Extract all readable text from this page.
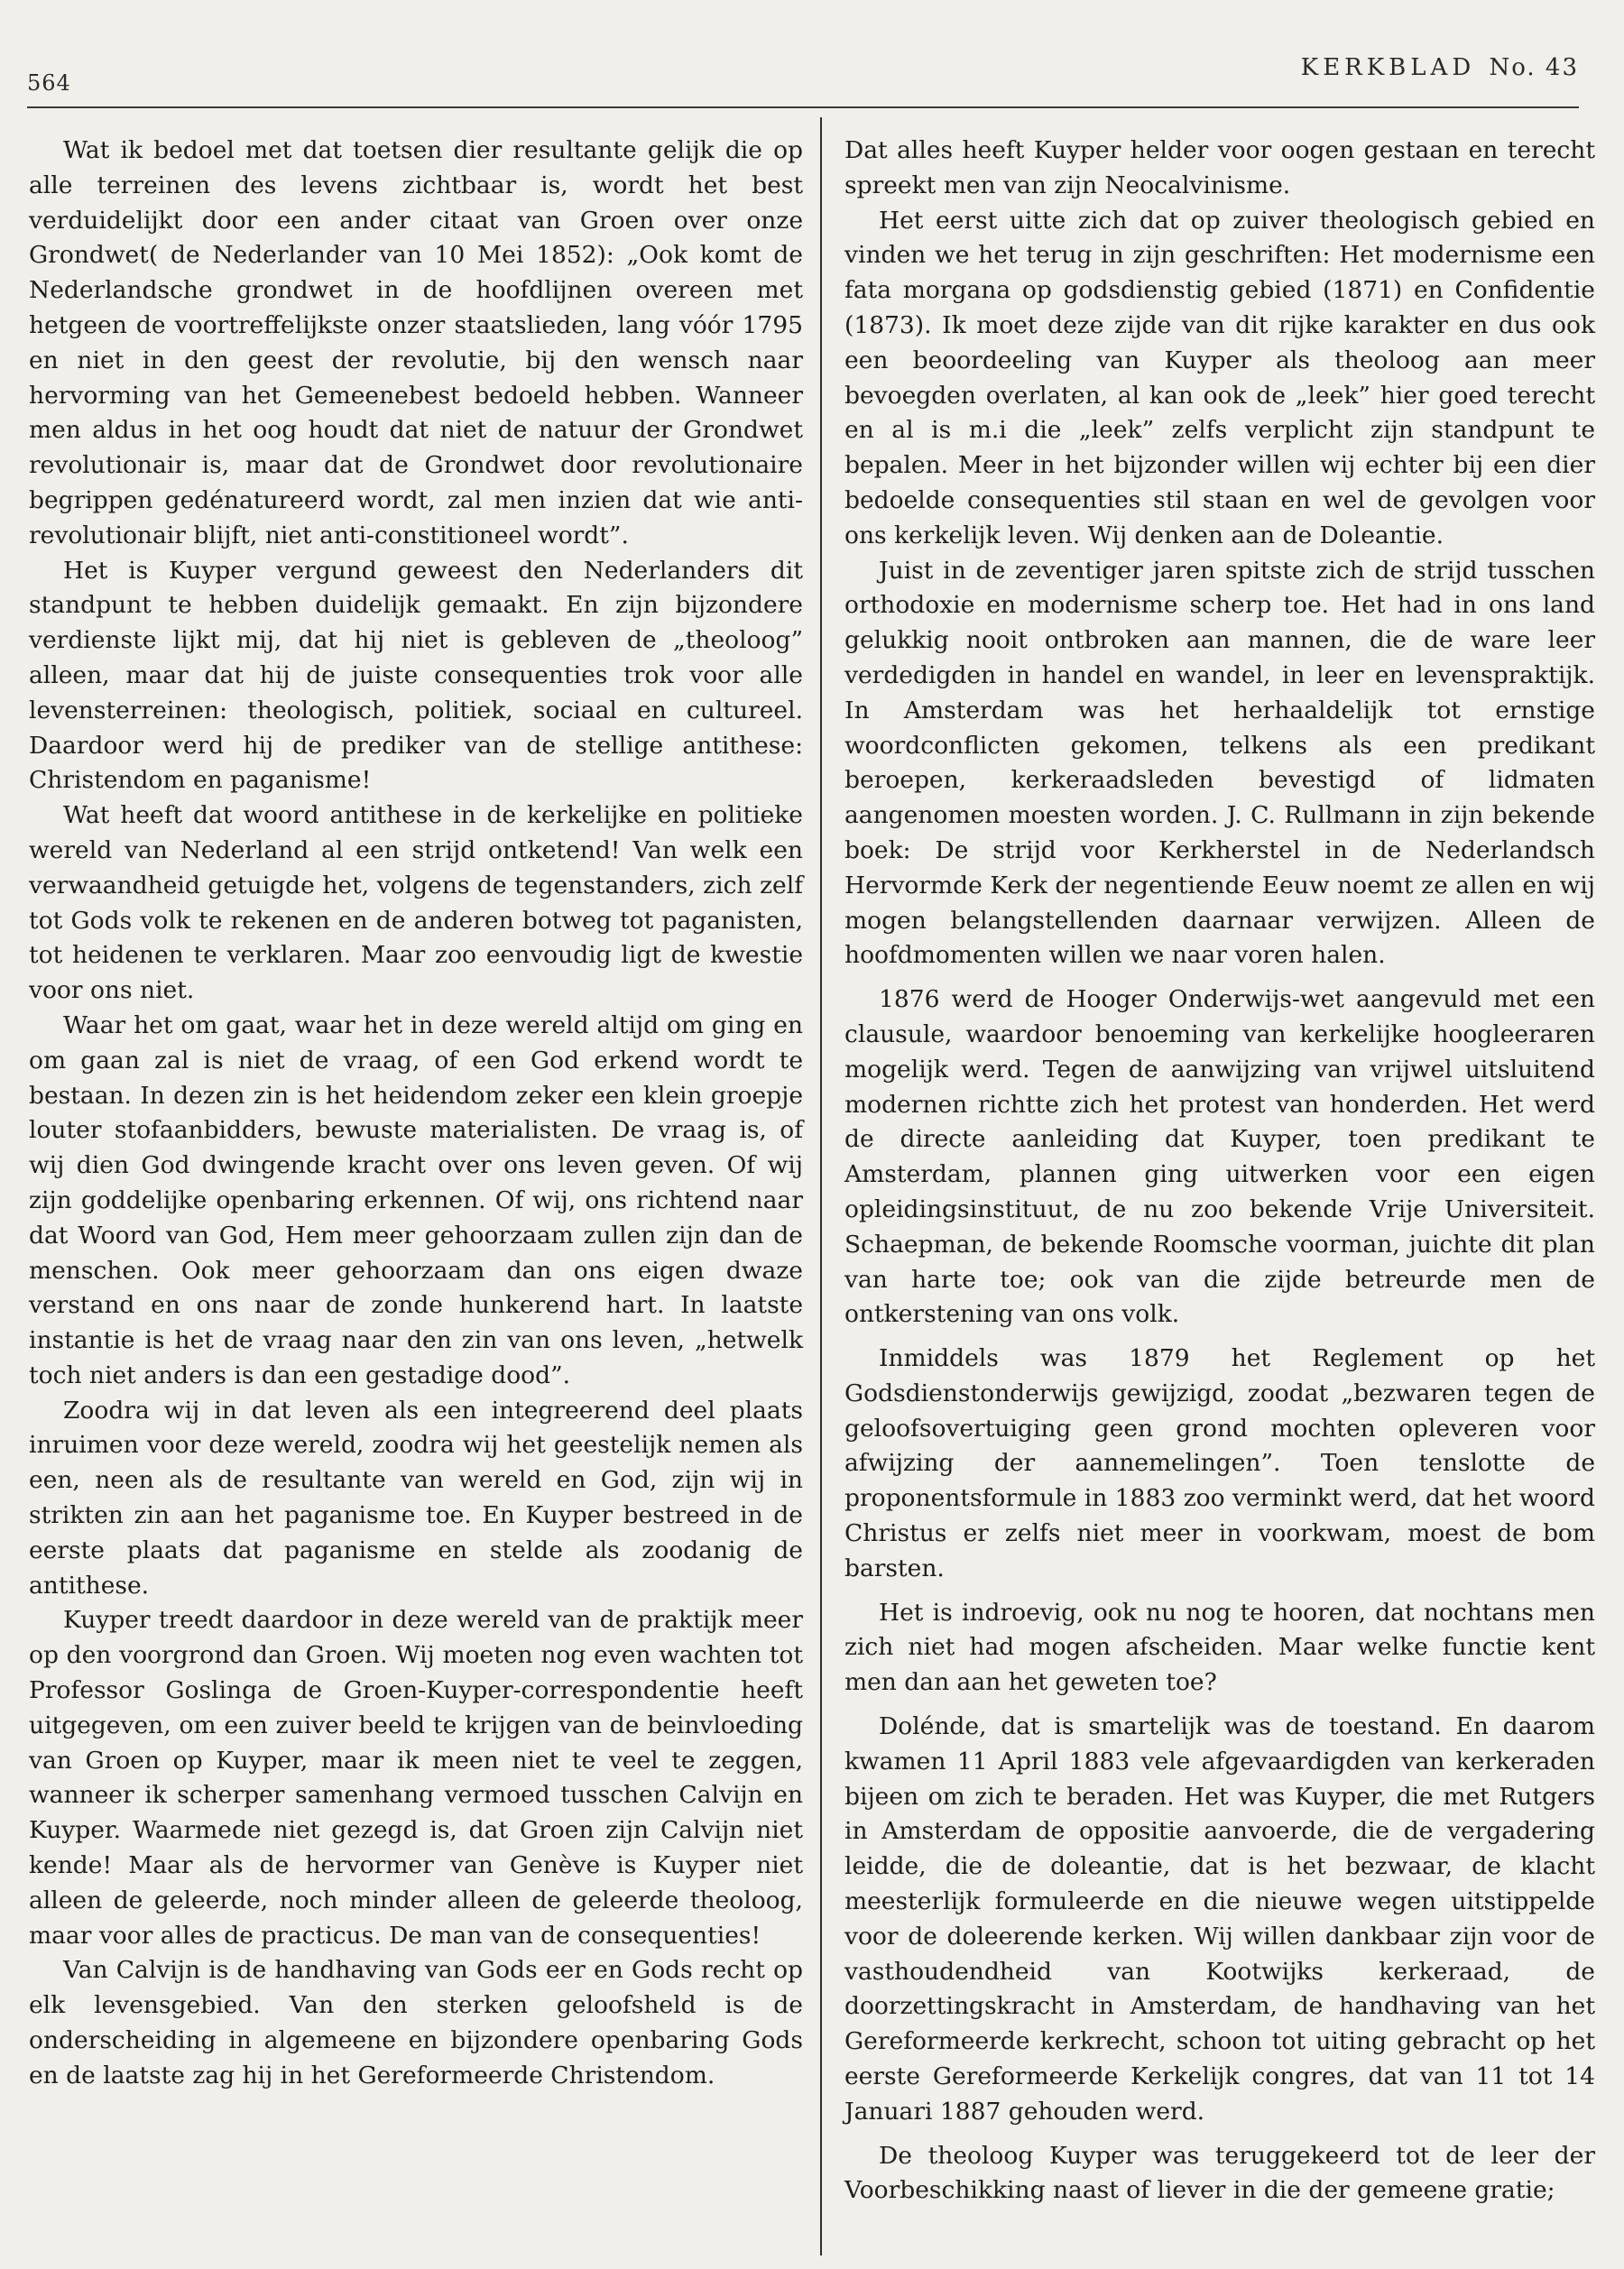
564
KERKBLAD No. 43

Wat ik bedoel met dat toetsen dier resultante gelijk die op alle terreinen des levens zichtbaar is, wordt het best verduidelijkt door een ander citaat van Groen over onze Grondwet( de Nederlander van 10 Mei 1852): „Ook komt de Nederlandsche grondwet in de hoofdlijnen overeen met hetgeen de voortreffelijkste onzer staatslieden, lang vóór 1795 en niet in den geest der revolutie, bij den wensch naar hervorming van het Gemeenebest bedoeld hebben. Wanneer men aldus in het oog houdt dat niet de natuur der Grondwet revolutionair is, maar dat de Grondwet door revolutionaire begrippen gedénatureerd wordt, zal men inzien dat wie anti-revolutionair blijft, niet anti-constitioneel wordt”.

Het is Kuyper vergund geweest den Nederlanders dit standpunt te hebben duidelijk gemaakt. En zijn bijzondere verdienste lijkt mij, dat hij niet is gebleven de „theoloog” alleen, maar dat hij de juiste consequenties trok voor alle levensterreinen: theologisch, politiek, sociaal en cultureel. Daardoor werd hij de prediker van de stellige antithese: Christendom en paganisme!

Wat heeft dat woord antithese in de kerkelijke en politieke wereld van Nederland al een strijd ontketend! Van welk een verwaandheid getuigde het, volgens de tegenstanders, zich zelf tot Gods volk te rekenen en de anderen botweg tot paganisten, tot heidenen te verklaren. Maar zoo eenvoudig ligt de kwestie voor ons niet.

Waar het om gaat, waar het in deze wereld altijd om ging en om gaan zal is niet de vraag, of een God erkend wordt te bestaan. In dezen zin is het heidendom zeker een klein groepje louter stofaanbidders, bewuste materialisten. De vraag is, of wij dien God dwingende kracht over ons leven geven. Of wij zijn goddelijke openbaring erkennen. Of wij, ons richtend naar dat Woord van God, Hem meer gehoorzaam zullen zijn dan de menschen. Ook meer gehoorzaam dan ons eigen dwaze verstand en ons naar de zonde hunkerend hart. In laatste instantie is het de vraag naar den zin van ons leven, „hetwelk toch niet anders is dan een gestadige dood”.

Zoodra wij in dat leven als een integreerend deel plaats inruimen voor deze wereld, zoodra wij het geestelijk nemen als een, neen als de resultante van wereld en God, zijn wij in strikten zin aan het paganisme toe. En Kuyper bestreed in de eerste plaats dat paganisme en stelde als zoodanig de antithese.

Kuyper treedt daardoor in deze wereld van de praktijk meer op den voorgrond dan Groen. Wij moeten nog even wachten tot Professor Goslinga de Groen-Kuyper-correspondentie heeft uitgegeven, om een zuiver beeld te krijgen van de beinvloeding van Groen op Kuyper, maar ik meen niet te veel te zeggen, wanneer ik scherper samenhang vermoed tusschen Calvijn en Kuyper. Waarmede niet gezegd is, dat Groen zijn Calvijn niet kende! Maar als de hervormer van Genève is Kuyper niet alleen de geleerde, noch minder alleen de geleerde theoloog, maar voor alles de practicus. De man van de consequenties!

Van Calvijn is de handhaving van Gods eer en Gods recht op elk levensgebied. Van den sterken geloofsheld is de onderscheiding in algemeene en bijzondere openbaring Gods en de laatste zag hij in het Gereformeerde Christendom.

Dat alles heeft Kuyper helder voor oogen gestaan en terecht spreekt men van zijn Neocalvinisme.

Het eerst uitte zich dat op zuiver theologisch gebied en vinden we het terug in zijn geschriften: Het modernisme een fata morgana op godsdienstig gebied (1871) en Confidentie (1873). Ik moet deze zijde van dit rijke karakter en dus ook een beoordeeling van Kuyper als theoloog aan meer bevoegden overlaten, al kan ook de „leek” hier goed terecht en al is m.i die „leek” zelfs verplicht zijn standpunt te bepalen. Meer in het bijzonder willen wij echter bij een dier bedoelde consequenties stil staan en wel de gevolgen voor ons kerkelijk leven. Wij denken aan de Doleantie.

Juist in de zeventiger jaren spitste zich de strijd tusschen orthodoxie en modernisme scherp toe. Het had in ons land gelukkig nooit ontbroken aan mannen, die de ware leer verdedigden in handel en wandel, in leer en levenspraktijk. In Amsterdam was het herhaaldelijk tot ernstige woordconflicten gekomen, telkens als een predikant beroepen, kerkeraadsleden bevestigd of lidmaten aangenomen moesten worden. J. C. Rullmann in zijn bekende boek: De strijd voor Kerkherstel in de Nederlandsch Hervormde Kerk der negentiende Eeuw noemt ze allen en wij mogen belangstellenden daarnaar verwijzen. Alleen de hoofdmomenten willen we naar voren halen.

1876 werd de Hooger Onderwijs-wet aangevuld met een clausule, waardoor benoeming van kerkelijke hoogleeraren mogelijk werd. Tegen de aanwijzing van vrijwel uitsluitend modernen richtte zich het protest van honderden. Het werd de directe aanleiding dat Kuyper, toen predikant te Amsterdam, plannen ging uitwerken voor een eigen opleidingsinstituut, de nu zoo bekende Vrije Universiteit. Schaepman, de bekende Roomsche voorman, juichte dit plan van harte toe; ook van die zijde betreurde men de ontkerstening van ons volk.

Inmiddels was 1879 het Reglement op het Godsdienstonderwijs gewijzigd, zoodat „bezwaren tegen de geloofsovertuiging geen grond mochten opleveren voor afwijzing der aannemelingen”. Toen tenslotte de proponentsformule in 1883 zoo verminkt werd, dat het woord Christus er zelfs niet meer in voorkwam, moest de bom barsten.

Het is indroevig, ook nu nog te hooren, dat nochtans men zich niet had mogen afscheiden. Maar welke functie kent men dan aan het geweten toe?

Dolénde, dat is smartelijk was de toestand. En daarom kwamen 11 April 1883 vele afgevaardigden van kerkeraden bijeen om zich te beraden. Het was Kuyper, die met Rutgers in Amsterdam de oppositie aanvoerde, die de vergadering leidde, die de doleantie, dat is het bezwaar, de klacht meesterlijk formuleerde en die nieuwe wegen uitstippelde voor de doleerende kerken. Wij willen dankbaar zijn voor de vasthoudendheid van Kootwijks kerkeraad, de doorzettingskracht in Amsterdam, de handhaving van het Gereformeerde kerkrecht, schoon tot uiting gebracht op het eerste Gereformeerde Kerkelijk congres, dat van 11 tot 14 Januari 1887 gehouden werd.

De theoloog Kuyper was teruggekeerd tot de leer der Voorbeschikking naast of liever in die der gemeene gratie;
